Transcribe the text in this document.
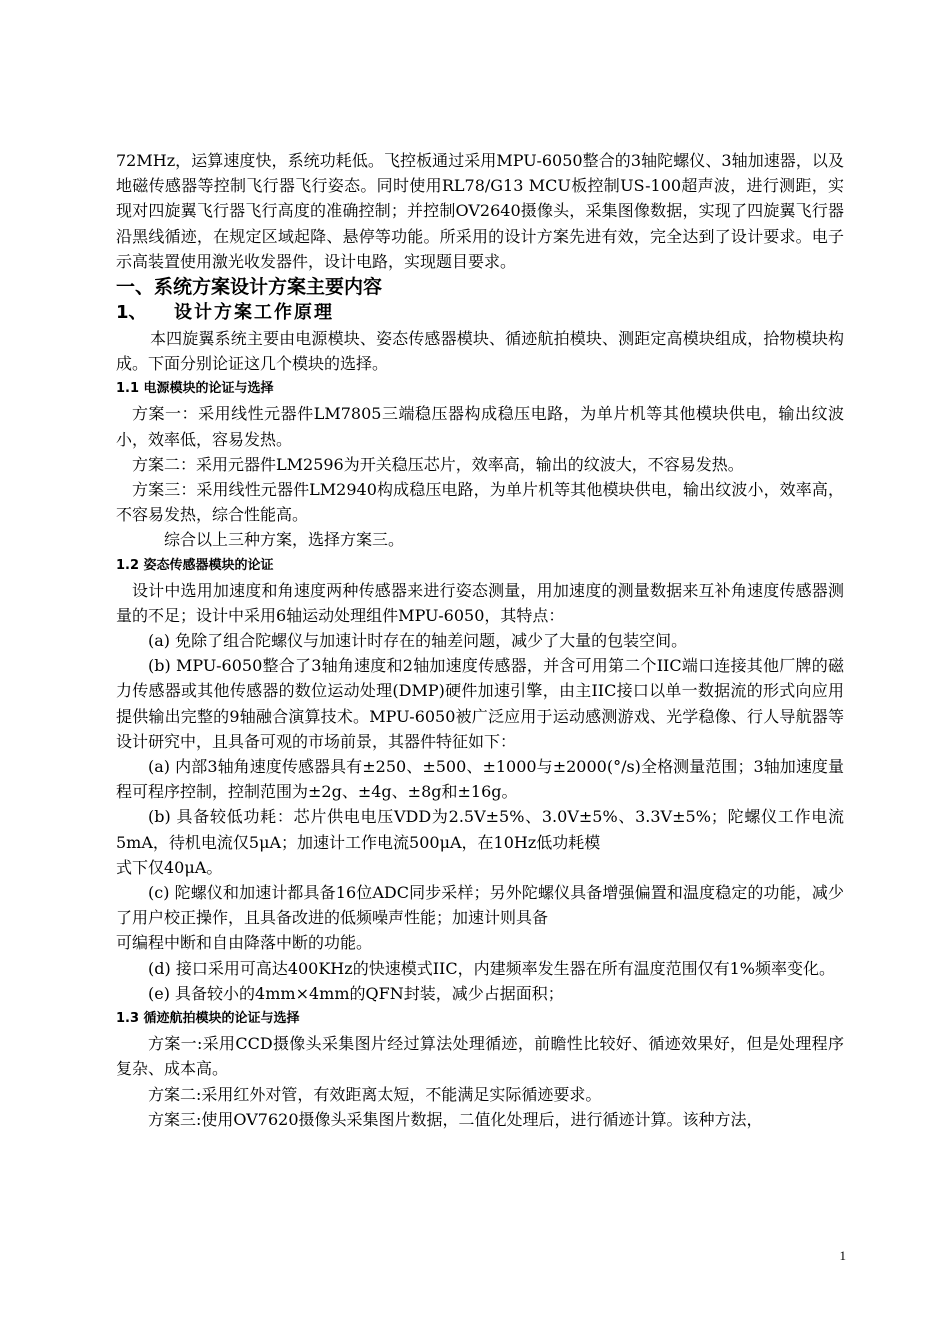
72MHz，运算速度快，系统功耗低。飞控板通过采用MPU-6050整合的3轴陀螺仪、3轴加速器，以及地磁传感器等控制飞行器飞行姿态。同时使用RL78/G13 MCU板控制US-100超声波，进行测距，实现对四旋翼飞行器飞行高度的准确控制；并控制OV2640摄像头，采集图像数据，实现了四旋翼飞行器沿黑线循迹，在规定区域起降、悬停等功能。所采用的设计方案先进有效，完全达到了设计要求。电子示高装置使用激光收发器件，设计电路，实现题目要求。

一、系统方案设计方案主要内容

1、 设计方案工作原理

本四旋翼系统主要由电源模块、姿态传感器模块、循迹航拍模块、测距定高模块组成，拾物模块构成。下面分别论证这几个模块的选择。

1.1 电源模块的论证与选择

方案一：采用线性元器件LM7805三端稳压器构成稳压电路，为单片机等其他模块供电，输出纹波小，效率低，容易发热。

方案二：采用元器件LM2596为开关稳压芯片，效率高，输出的纹波大，不容易发热。

方案三：采用线性元器件LM2940构成稳压电路，为单片机等其他模块供电，输出纹波小，效率高，不容易发热，综合性能高。

综合以上三种方案，选择方案三。

1.2 姿态传感器模块的论证

设计中选用加速度和角速度两种传感器来进行姿态测量，用加速度的测量数据来互补角速度传感器测量的不足；设计中采用6轴运动处理组件MPU-6050，其特点：

(a) 免除了组合陀螺仪与加速计时存在的轴差问题，减少了大量的包装空间。

(b) MPU-6050整合了3轴角速度和2轴加速度传感器，并含可用第二个IIC端口连接其他厂牌的磁力传感器或其他传感器的数位运动处理(DMP)硬件加速引擎，由主IIC接口以单一数据流的形式向应用提供输出完整的9轴融合演算技术。MPU-6050被广泛应用于运动感测游戏、光学稳像、行人导航器等设计研究中，且具备可观的市场前景，其器件特征如下：

(a) 内部3轴角速度传感器具有±250、±500、±1000与±2000(°/s)全格测量范围；3轴加速度量程可程序控制，控制范围为±2g、±4g、±8g和±16g。

(b) 具备较低功耗：芯片供电电压VDD为2.5V±5%、3.0V±5%、3.3V±5%；陀螺仪工作电流5mA，待机电流仅5μA；加速计工作电流500μA，在10Hz低功耗模

式下仅40μA。

(c) 陀螺仪和加速计都具备16位ADC同步采样；另外陀螺仪具备增强偏置和温度稳定的功能，减少了用户校正操作，且具备改进的低频噪声性能；加速计则具备

可编程中断和自由降落中断的功能。

(d) 接口采用可高达400KHz的快速模式IIC，内建频率发生器在所有温度范围仅有1%频率变化。

(e) 具备较小的4mm×4mm的QFN封装，减少占据面积；

1.3 循迹航拍模块的论证与选择

方案一:采用CCD摄像头采集图片经过算法处理循迹，前瞻性比较好、循迹效果好，但是处理程序复杂、成本高。

方案二:采用红外对管，有效距离太短，不能满足实际循迹要求。

方案三:使用OV7620摄像头采集图片数据，二值化处理后，进行循迹计算。该种方法，

1
